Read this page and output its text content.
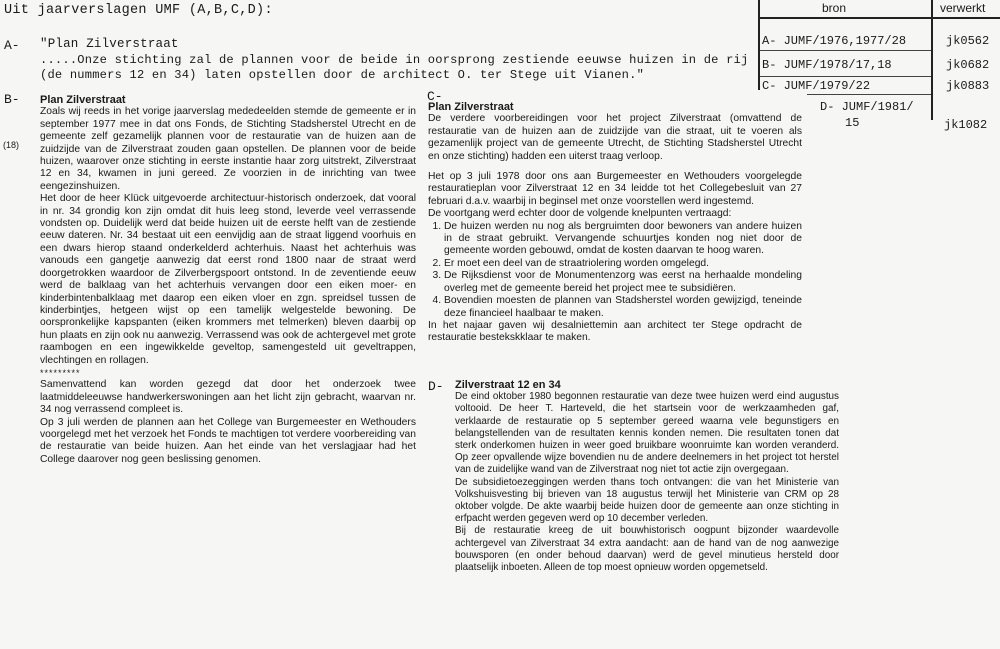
Uit jaarverslagen UMF (A,B,C,D):	bron	verwerkt
A- JUMF/1976,1977/28	jk0562
B- JUMF/1978/17,18	jk0682
C- JUMF/1979/22	jk0883
D- JUMF/1981/
15	jk1082
A- "Plan Zilverstraat
.....Onze stichting zal de plannen voor de beide in oorsprong zestiende eeuwse huizen in de rij
(de nummers 12 en 34) laten opstellen door de architect O. ter Stege uit Vianen."
B-
(18)

Plan Zilverstraat

Zoals wij reeds in het vorige jaarverslag mededeelden stemde de gemeente er in september 1977 mee in dat ons Fonds, de Stichting Stadsherstel Utrecht en de gemeente zelf gezamelijk plannen voor de restauratie van de huizen aan de zuidzijde van de Zilverstraat zouden gaan opstellen. De plannen voor de beide huizen, waarover onze stichting in eerste instantie haar zorg uitstrekt, Zilverstraat 12 en 34, kwamen in juni gereed. Ze voorzien in de inrichting van twee eengezinshuizen.

Het door de heer Klück uitgevoerde architectuur-historisch onderzoek, dat vooral in nr. 34 grondig kon zijn omdat dit huis leeg stond, leverde veel verrassende vondsten op. Duidelijk werd dat beide huizen uit de eerste helft van de zestiende eeuw dateren. Nr. 34 bestaat uit een eenvijdig aan de straat liggend voorhuis en een dwars hierop staand onderkelderd achterhuis. Naast het achterhuis was vanouds een gangetje aanwezig dat eerst rond 1800 naar de straat werd doorgetrokken waardoor de Zilverbergspoort ontstond. In de zeventiende eeuw werd de balklaag van het achterhuis vervangen door een eiken moer- en kinderbintenbalklaag met daarop een eiken vloer en zgn. spreidsel tussen de kinderbintjes, hetgeen wijst op een tamelijk welgestelde bewoning. De oorspronkelijke kapspanten (eiken krommers met telmerken) bleven daarbij op hun plaats en zijn ook nu aanwezig. Verrassend was ook de achtergevel met grote raambogen en een ingewikkelde geveltop, samengesteld uit geveltrappen, vlechtingen en rollagen.

*********

Samenvattend kan worden gezegd dat door het onderzoek twee laatmiddeleeuwse handwerkerswoningen aan het licht zijn gebracht, waarvan nr. 34 nog verrassend compleet is.

Op 3 juli werden de plannen aan het College van Burgemeester en Wethouders voorgelegd met het verzoek het Fonds te machtigen tot verdere voorbereiding van de restauratie van beide huizen. Aan het einde van het verslagjaar had het College daarover nog geen beslissing genomen.

C-

Plan Zilverstraat

De verdere voorbereidingen voor het project Zilverstraat (omvattend de restauratie van de huizen aan de zuidzijde van die straat, uit te voeren als gezamenlijk project van de gemeente Utrecht, de Stichting Stadsherstel Utrecht en onze stichting) hadden een uiterst traag verloop.

Het op 3 juli 1978 door ons aan Burgemeester en Wethouders voorgelegde restauratieplan voor Zilverstraat 12 en 34 leidde tot het Collegebesluit van 27 februari d.a.v. waarbij in beginsel met onze voorstellen werd ingestemd.

De voortgang werd echter door de volgende knelpunten vertraagd:

1. De huizen werden nu nog als bergruimten door bewoners van andere huizen in de straat gebruikt. Vervangende schuurtjes konden nog niet door de gemeente worden gebouwd, omdat de kosten daarvan te hoog waren.
2. Er moet een deel van de straatriolering worden omgelegd.
3. De Rijksdienst voor de Monumentenzorg was eerst na herhaalde mondeling overleg met de gemeente bereid het project mee te subsidiëren.
4. Bovendien moesten de plannen van Stadsherstel worden gewijzigd, teneinde deze financieel haalbaar te maken.

In het najaar gaven wij desalniettemin aan architect ter Stege opdracht de restauratie bestekskklaar te maken.

D- Zilverstraat 12 en 34

De eind oktober 1980 begonnen restauratie van deze twee huizen werd eind augustus voltooid. De heer T. Harteveld, die het startsein voor de werkzaamheden gaf, verklaarde de restauratie op 5 september gereed waarna vele begunstigers en belangstellenden van de resultaten kennis konden nemen. Die resultaten tonen dat sterk onderkomen huizen in weer goed bruikbare woonruimte kan worden veranderd. Op zeer opvallende wijze bovendien nu de andere deelnemers in het project tot herstel van de zuidelijke wand van de Zilverstraat nog niet tot actie zijn overgegaan.

De subsidietoezeggingen werden thans toch ontvangen: die van het Ministerie van Volkshuisvesting bij brieven van 18 augustus terwijl het Ministerie van CRM op 28 oktober volgde. De akte waarbij beide huizen door de gemeente aan onze stichting in erfpacht werden gegeven werd op 10 december verleden.

Bij de restauratie kreeg de uit bouwhistorisch oogpunt bijzonder waardevolle achtergevel van Zilverstraat 34 extra aandacht: aan de hand van de nog aanwezige bouwsporen (en onder behoud daarvan) werd de gevel minutieus hersteld door plaatselijk inboeten. Alleen de top moest opnieuw worden opgemetseld.
